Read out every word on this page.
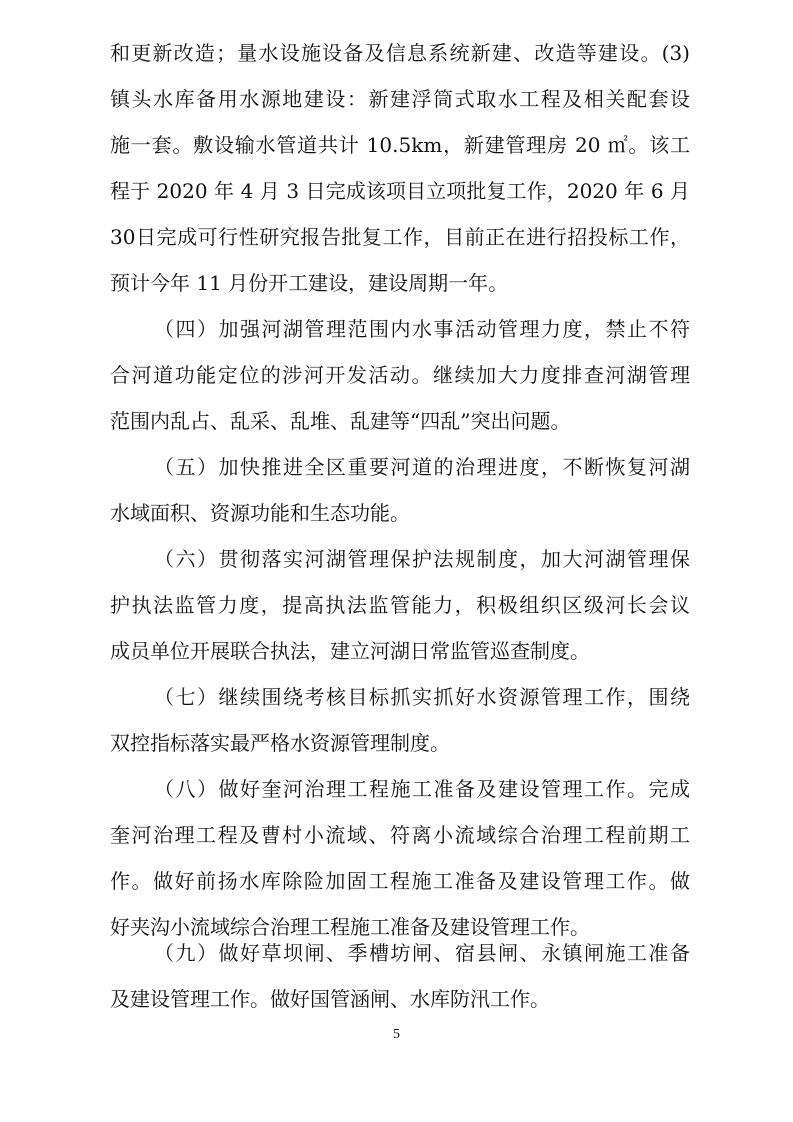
和更新改造；量水设施设备及信息系统新建、改造等建设。(3)
镇头水库备用水源地建设：新建浮筒式取水工程及相关配套设
施一套。敷设输水管道共计 10.5km，新建管理房 20 ㎡。该工
程于 2020 年 4 月 3 日完成该项目立项批复工作，2020 年 6 月
30日完成可行性研究报告批复工作，目前正在进行招投标工作，
预计今年 11 月份开工建设，建设周期一年。
（四）加强河湖管理范围内水事活动管理力度，禁止不符
合河道功能定位的涉河开发活动。继续加大力度排查河湖管理
范围内乱占、乱采、乱堆、乱建等“四乱”突出问题。
（五）加快推进全区重要河道的治理进度，不断恢复河湖
水域面积、资源功能和生态功能。
（六）贯彻落实河湖管理保护法规制度，加大河湖管理保
护执法监管力度，提高执法监管能力，积极组织区级河长会议
成员单位开展联合执法，建立河湖日常监管巡查制度。
（七）继续围绕考核目标抓实抓好水资源管理工作，围绕
双控指标落实最严格水资源管理制度。
（八）做好奎河治理工程施工准备及建设管理工作。完成
奎河治理工程及曹村小流域、符离小流域综合治理工程前期工
作。做好前扬水库除险加固工程施工准备及建设管理工作。做
好夹沟小流域综合治理工程施工准备及建设管理工作。
5
（九）做好草坝闸、季槽坊闸、宿县闸、永镇闸施工准备
及建设管理工作。做好国管涵闸、水库防汛工作。
